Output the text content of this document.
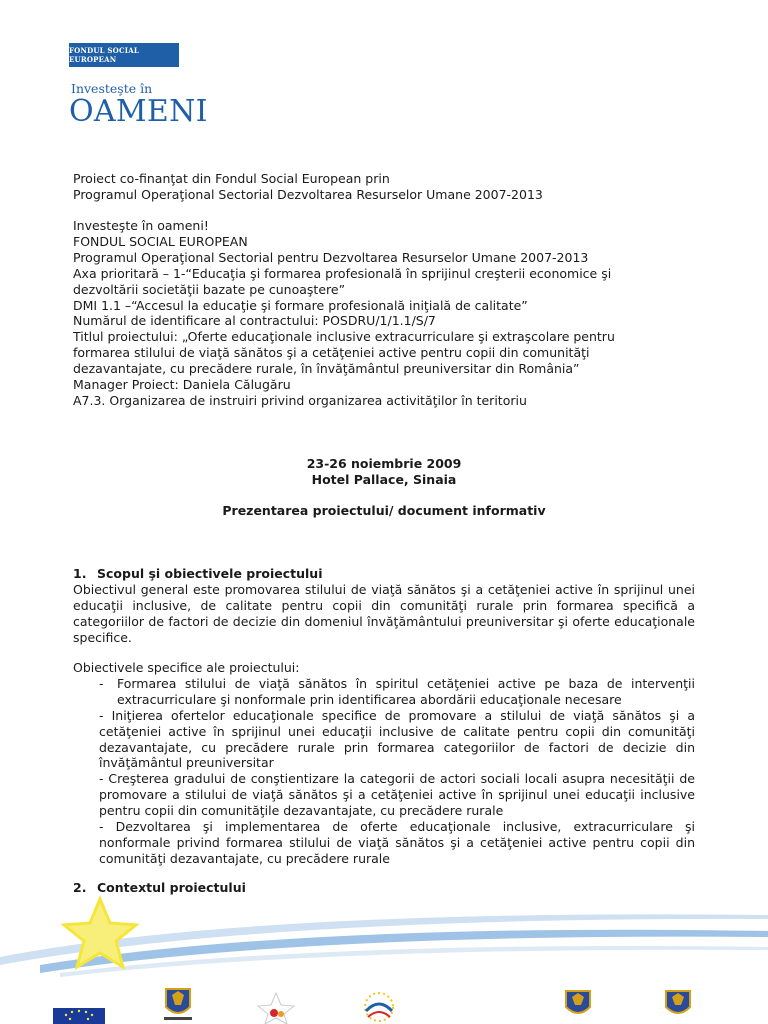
FONDUL SOCIAL EUROPEAN
Investeşte în
OAMENI
Proiect co-finanţat din Fondul Social European prin
Programul Operaţional Sectorial Dezvoltarea Resurselor Umane 2007-2013
Investeşte în oameni!
FONDUL SOCIAL EUROPEAN
Programul Operaţional Sectorial pentru Dezvoltarea Resurselor Umane 2007-2013
Axa prioritară – 1-“Educaţia şi formarea profesională în sprijinul creşterii economice şi
dezvoltării societăţii bazate pe cunoaştere”
DMI 1.1 –“Accesul la educaţie şi formare profesională iniţială de calitate”
Numărul de identificare al contractului: POSDRU/1/1.1/S/7
Titlul proiectului: „Oferte educaţionale inclusive extracurriculare şi extraşcolare pentru
formarea stilului de viaţă sănătos şi a cetăţeniei active pentru copii din comunităţi
dezavantajate, cu precădere rurale, în învăţământul preuniversitar din România”
Manager Proiect: Daniela Călugăru
A7.3. Organizarea de instruiri privind organizarea activităţilor în teritoriu
23-26 noiembrie 2009
Hotel Pallace, Sinaia
Prezentarea proiectului/ document informativ
1. Scopul şi obiectivele proiectului
Obiectivul general este promovarea stilului de viaţă sănătos şi a cetăţeniei active în sprijinul unei educaţii inclusive, de calitate pentru copii din comunităţi rurale prin formarea specifică a categoriilor de factori de decizie din domeniul învăţământului preuniversitar şi oferte educaţionale specifice.
Obiectivele specifice ale proiectului:
- Formarea stilului de viaţă sănătos în spiritul cetăţeniei active pe baza de intervenţii extracurriculare şi nonformale prin identificarea abordării educaţionale necesare
- Iniţierea ofertelor educaţionale specifice de promovare a stilului de viaţă sănătos şi a cetăţeniei active în sprijinul unei educaţii inclusive de calitate pentru copii din comunităţi dezavantajate, cu precădere rurale prin formarea categoriilor de factori de decizie din învăţământul preuniversitar
- Creşterea gradului de conştientizare la categorii de actori sociali locali asupra necesităţii de promovare a stilului de viaţă sănătos şi a cetăţeniei active în sprijinul unei educaţii inclusive pentru copii din comunităţile dezavantajate, cu precădere rurale
- Dezvoltarea şi implementarea de oferte educaţionale inclusive, extracurriculare şi nonformale privind formarea stilului de viaţă sănătos şi a cetăţeniei active pentru copii din comunităţi dezavantajate, cu precădere rurale
2. Contextul proiectului
